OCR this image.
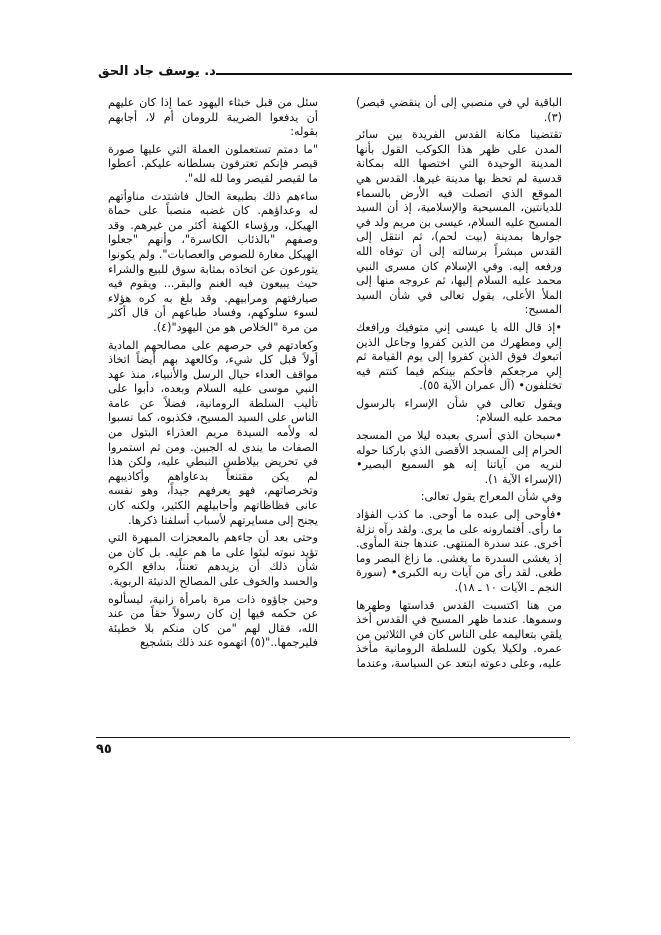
د. يوسف جاد الحق

الباقية لي في منصبي إلى أن ينقضي قيصر)(٣).

تقتضينا مكانة القدس الفريدة بين سائر المدن على ظهر هذا الكوكب القول بأنها المدينة الوحيدة التي اختصها الله بمكانة قدسية لم تحظ بها مدينة غيرها. القدس هي الموقع الذي اتصلت فيه الأرض بالسماء للديانتين، المسيحية والإسلامية، إذ أن السيد المسيح عليه السلام، عيسى بن مريم ولد في جوارها بمدينة (بيت لحم)، ثم انتقل إلى القدس مبشراً برسالته إلى أن توفاه الله ورفعه إليه. وفي الإسلام كان مسرى النبي محمد عليه السلام إليها، ثم عروجه منها إلى الملأ الأعلى، يقول تعالى في شأن السيد المسيح:

•إذ قال الله يا عيسى إني متوفيك ورافعك إلي ومطهرك من الذين كفروا وجاعل الذين اتبعوك فوق الذين كفروا إلى يوم القيامة ثم إلي مرجعكم فأحكم بينكم فيما كنتم فيه تختلفون• (آل عمران الآية ٥٥).

ويقول تعالى في شأن الإسراء بالرسول محمد عليه السلام:

•سبحان الذي أسرى بعبده ليلا من المسجد الحرام إلى المسجد الأقصى الذي باركنا حوله لنريه من آياتنا إنه هو السميع البصير• (الإسراء الآية ١).

وفي شأن المعراج يقول تعالى:

•فأوحى إلى عبده ما أوحى. ما كذب الفؤاد ما رأى. أفتمارونه على ما يرى. ولقد رآه نزلة أخرى. عند سدرة المنتهى. عندها جنة المأوى. إذ يغشى السدرة ما يغشى. ما زاغ البصر وما طغى. لقد رأى من آيات ربه الكبرى• (سورة النجم ـ الآيات ١٠ ـ ١٨).

من هنا اكتسبت القدس قداستها وطهرها وسموها. عندما ظهر المسيح في القدس أخذ يلقي بتعاليمه على الناس كان في الثلاثين من عمره. ولكيلا يكون للسلطة الرومانية مأخذ عليه، وعلى دعوته ابتعد عن السياسة، وعندما

سئل من قبل خبثاء اليهود عما إذا كان عليهم أن يدفعوا الضريبة للرومان أم لا، أجابهم بقوله:

"ما دمتم تستعملون العملة التي عليها صورة قيصر فإنكم تعترفون بسلطانه عليكم. أعطوا ما لقيصر لقيصر وما لله لله".

ساءهم ذلك بطبيعة الحال فاشتدت مناوأتهم له وعداؤهم. كان غضبه منصباً على حماة الهيكل، ورؤساء الكهنة أكثر من غيرهم. وقد وصفهم "بالذئاب الكاسرة"، وأنهم "جعلوا الهيكل مغارة للصوص والعصابات". ولم يكونوا يتورعون عن اتخاذه بمثابة سوق للبيع والشراء حيث يبيعون فيه الغنم والبقر... ويقوم فيه صيارفتهم ومرابيهم. وقد بلغ به كره هؤلاء لسوء سلوكهم، وفساد طباعهم أن قال أكثر من مرة "الخلاص هو من اليهود"(٤).

وكعادتهم في حرصهم على مصالحهم المادية أولاً قبل كل شيء، وكالعهد بهم أيضاً اتخاذ مواقف العداء حيال الرسل والأنبياء، منذ عهد النبي موسى عليه السلام وبعده، دأبوا على تأليب السلطة الرومانية، فضلاً عن عامة الناس على السيد المسيح، فكذبوه، كما نسبوا له ولأمه السيدة مريم العذراء البتول من الصفات ما يندى له الجبين. ومن ثم استمروا في تحريض بيلاطس النبطي عليه، ولكن هذا لم يكن مقتنعاً بدعاواهم وأكاذيبهم وتخرصاتهم، فهو يعرفهم جيداً، وهو نفسه عانى فظاظاتهم وأحابيلهم الكثير، ولكنه كان يجنح إلى مسايرتهم لأسباب أسلفنا ذكرها.

وحتى بعد أن جاءهم بالمعجزات المبهرة التي تؤيد نبوته لبثوا على ما هم عليه. بل كان من شأن ذلك أن يزيدهم تعنتاً، بدافع الكره والحسد والخوف على المصالح الدنيئة الربوية.

وحين جاؤوه ذات مرة بامرأة زانية، ليسألوه عن حكمه فيها إن كان رسولاً حقاً من عند الله، فقال لهم "من كان منكم بلا خطيئة فليرجمها.."(٥) اتهموه عند ذلك بتشجيع

٩٥
